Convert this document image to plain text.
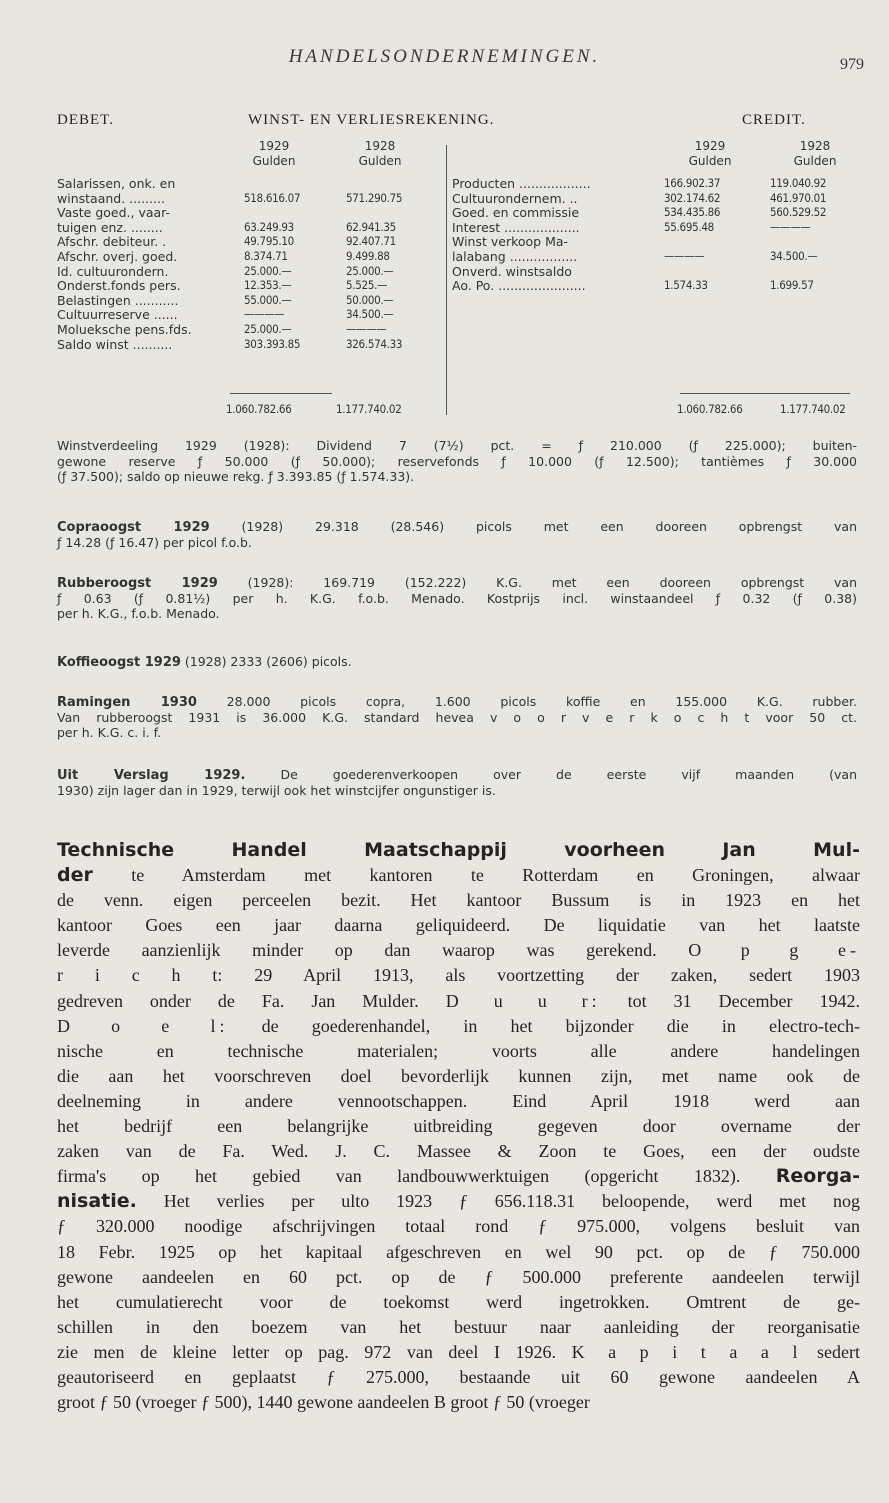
HANDELSONDERNEMINGEN.	979
DEBET.	WINST- EN VERLIESREKENING.	CREDIT.
1929
Gulden
1928
Gulden
Salarissen, onk. en
winstaand. .........	518.616.07	571.290.75
Vaste goed., vaar-
tuigen enz. ........	63.249.93	62.941.35
Afschr. debiteur. .	49.795.10	92.407.71
Afschr. overj. goed.	8.374.71	9.499.88
Id. cultuurondern.	25.000.—	25.000.—
Onderst.fonds pers.	12.353.—	5.525.—
Belastingen ...........	55.000.—	50.000.—
Cultuurreserve ......	————	34.500.—
Molueksche pens.fds.	25.000.—	————
Saldo winst ..........	303.393.85	326.574.33
1929
Gulden
1928
Gulden
Producten ..................	166.902.37	119.040.92
Cultuurondernem. ..	302.174.62	461.970.01
Goed. en commissie	534.435.86	560.529.52
Interest ...................	55.695.48	————
Winst verkoop Ma-
lalabang .................	————	34.500.—
Onverd. winstsaldo
Ao. Po. ......................	1.574.33	1.699.57
1.060.782.66	1.177.740.02	1.060.782.66	1.177.740.02
Winstverdeeling 1929 (1928): Dividend 7 (7½) pct. = ƒ 210.000 (ƒ 225.000); buiten-
gewone reserve ƒ 50.000 (ƒ 50.000); reservefonds ƒ 10.000 (ƒ 12.500); tantièmes ƒ 30.000
(ƒ 37.500); saldo op nieuwe rekg. ƒ 3.393.85 (ƒ 1.574.33).
Copraoogst 1929 (1928) 29.318 (28.546) picols met een dooreen opbrengst van
ƒ 14.28 (ƒ 16.47) per picol f.o.b.
Rubberoogst 1929 (1928): 169.719 (152.222) K.G. met een dooreen opbrengst van
ƒ 0.63 (ƒ 0.81½) per h. K.G. f.o.b. Menado. Kostprijs incl. winstaandeel ƒ 0.32 (ƒ 0.38)
per h. K.G., f.o.b. Menado.
Koffieoogst 1929 (1928) 2333 (2606) picols.
Ramingen 1930 28.000 picols copra, 1.600 picols koffie en 155.000 K.G. rubber.
Van rubberoogst 1931 is 36.000 K.G. standard hevea v o o r v e r k o c h t voor 50 ct.
per h. K.G. c. i. f.
Uit Verslag 1929. De goederenverkoopen over de eerste vijf maanden (van
1930) zijn lager dan in 1929, terwijl ook het winstcijfer ongunstiger is.
Technische Handel Maatschappij voorheen Jan Mul-
der te Amsterdam met kantoren te Rotterdam en Groningen, alwaar
de venn. eigen perceelen bezit. Het kantoor Bussum is in 1923 en het
kantoor Goes een jaar daarna geliquideerd. De liquidatie van het laatste
leverde aanzienlijk minder op dan waarop was gerekend. O p g e-
r i c h t: 29 April 1913, als voortzetting der zaken, sedert 1903
gedreven onder de Fa. Jan Mulder. D u u r: tot 31 December 1942.
D o e l: de goederenhandel, in het bijzonder die in electro-tech-
nische en technische materialen; voorts alle andere handelingen
die aan het voorschreven doel bevorderlijk kunnen zijn, met name ook de
deelneming in andere vennootschappen. Eind April 1918 werd aan
het bedrijf een belangrijke uitbreiding gegeven door overname der
zaken van de Fa. Wed. J. C. Massee & Zoon te Goes, een der oudste
firma's op het gebied van landbouwwerktuigen (opgericht 1832). Reorga-
nisatie. Het verlies per ulto 1923 ƒ 656.118.31 beloopende, werd met nog
ƒ 320.000 noodige afschrijvingen totaal rond ƒ 975.000, volgens besluit van
18 Febr. 1925 op het kapitaal afgeschreven en wel 90 pct. op de ƒ 750.000
gewone aandeelen en 60 pct. op de ƒ 500.000 preferente aandeelen terwijl
het cumulatierecht voor de toekomst werd ingetrokken. Omtrent de ge-
schillen in den boezem van het bestuur naar aanleiding der reorganisatie
zie men de kleine letter op pag. 972 van deel I 1926. K a p i t a a l sedert
geautoriseerd en geplaatst ƒ 275.000, bestaande uit 60 gewone aandeelen A
groot ƒ 50 (vroeger ƒ 500), 1440 gewone aandeelen B groot ƒ 50 (vroeger
